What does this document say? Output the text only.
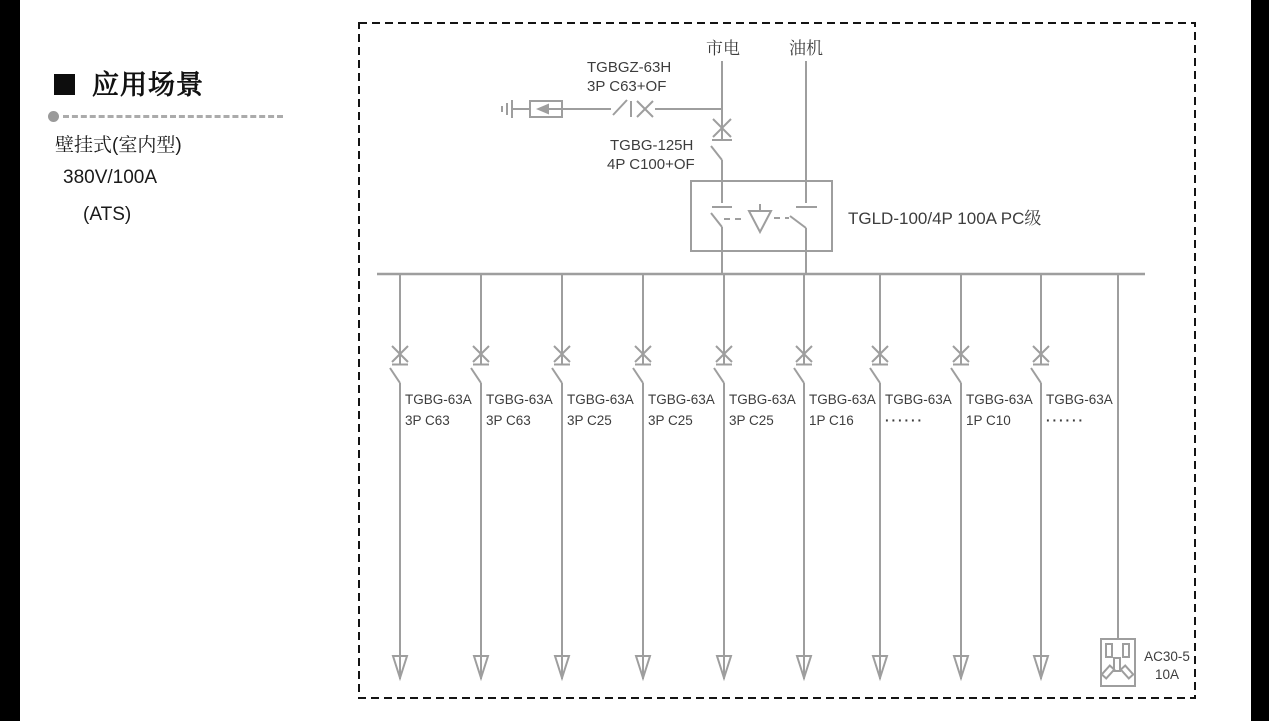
应用场景
壁挂式(室内型)
380V/100A
(ATS)
市电	油机
TGBGZ-63H
3P C63+OF
TGBG-125H
4P C100+OF
TGLD-100/4P 100A PC级
TGBG-63A
3P C63
TGBG-63A
3P C63
TGBG-63A
3P C25
TGBG-63A
3P C25
TGBG-63A
3P C25
TGBG-63A
1P C16
TGBG-63A
······
TGBG-63A
1P C10
TGBG-63A
······
AC30-5
10A
